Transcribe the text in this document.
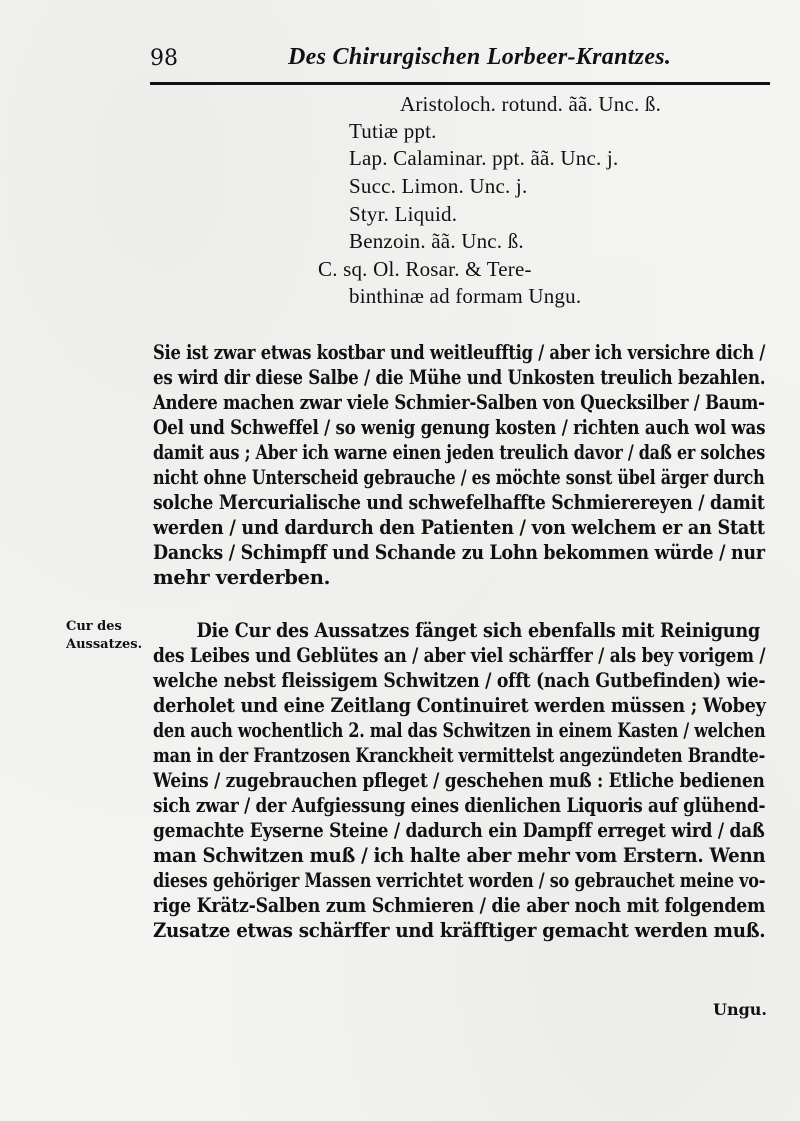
98	Des Chirurgischen Lorbeer-Krantzes.
Aristoloch. rotund. ãã. Unc. ß.
Tutiæ ppt.
Lap. Calaminar. ppt. ãã. Unc. j.
Succ. Limon. Unc. j.
Styr. Liquid.
Benzoin. ãã. Unc. ß.
C. sq. Ol. Rosar. & Tere-
binthinæ ad formam Ungu.
Sie ist zwar etwas kostbar und weitleufftig / aber ich versichre dich /
es wird dir diese Salbe / die Mühe und Unkosten treulich bezahlen.
Andere machen zwar viele Schmier-Salben von Quecksilber / Baum-
Oel und Schweffel / so wenig genung kosten / richten auch wol was
damit aus ; Aber ich warne einen jeden treulich davor / daß er solches
nicht ohne Unterscheid gebrauche / es möchte sonst übel ärger durch
solche Mercurialische und schwefelhaffte Schmierereyen / damit
werden / und dardurch den Patienten / von welchem er an Statt
Dancks / Schimpff und Schande zu Lohn bekommen würde / nur
mehr verderben.
Cur des
Aussatzes.
Die Cur des Aussatzes fänget sich ebenfalls mit Reinigung
des Leibes und Geblütes an / aber viel schärffer / als bey vorigem /
welche nebst fleissigem Schwitzen / offt (nach Gutbefinden) wie-
derholet und eine Zeitlang Continuiret werden müssen ; Wobey
den auch wochentlich 2. mal das Schwitzen in einem Kasten / welchen
man in der Frantzosen Kranckheit vermittelst angezündeten Brandte-
Weins / zugebrauchen pfleget / geschehen muß : Etliche bedienen
sich zwar / der Aufgiessung eines dienlichen Liquoris auf glühend-
gemachte Eyserne Steine / dadurch ein Dampff erreget wird / daß
man Schwitzen muß / ich halte aber mehr vom Erstern. Wenn
dieses gehöriger Massen verrichtet worden / so gebrauchet meine vo-
rige Krätz-Salben zum Schmieren / die aber noch mit folgendem
Zusatze etwas schärffer und kräfftiger gemacht werden muß.
Ungu.
